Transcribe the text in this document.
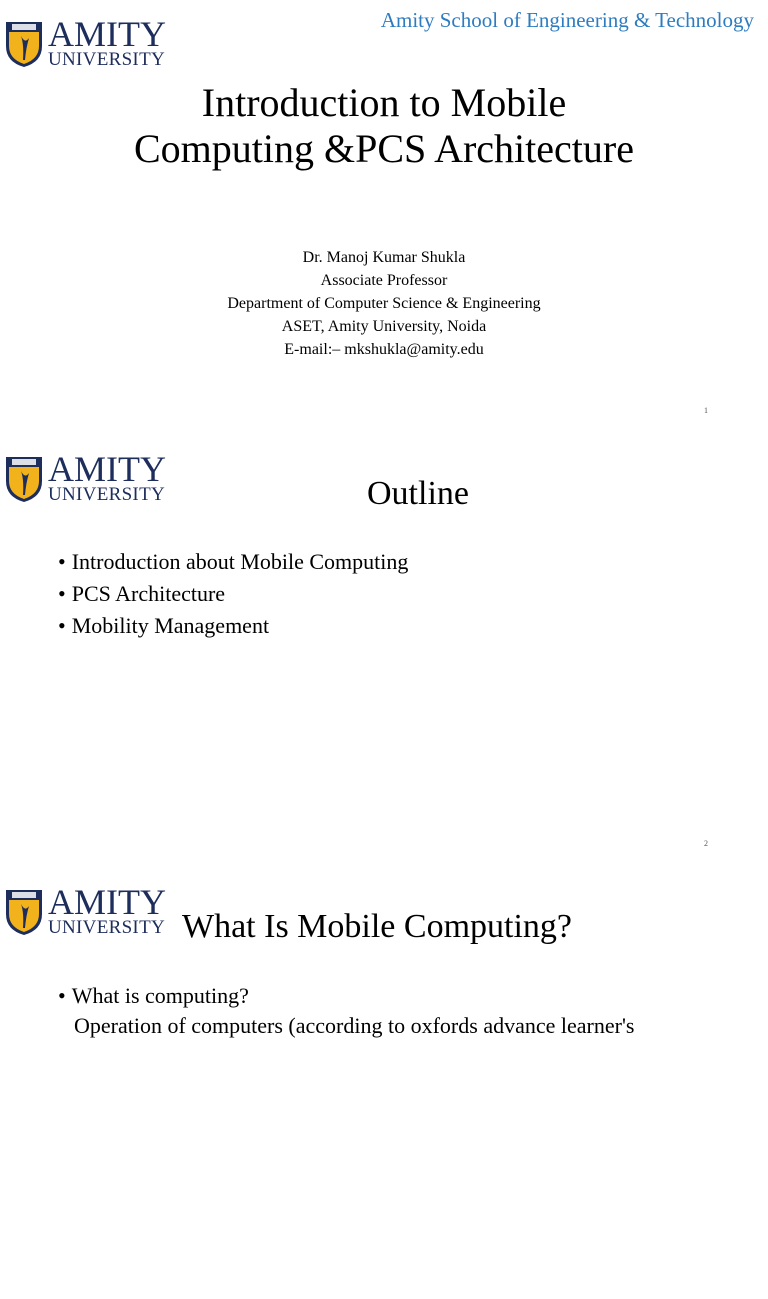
AMITY
UNIVERSITY
Amity School of Engineering & Technology
Introduction to Mobile
Computing &PCS Architecture
Dr. Manoj Kumar Shukla
Associate Professor
Department of Computer Science & Engineering
ASET, Amity University, Noida
E-mail:– mkshukla@amity.edu
1
AMITY
UNIVERSITY	Outline
• Introduction about Mobile Computing
• PCS Architecture
• Mobility Management
2
AMITY
UNIVERSITY What Is Mobile Computing?
• What is computing?
Operation of computers (according to oxfords advance learner's
